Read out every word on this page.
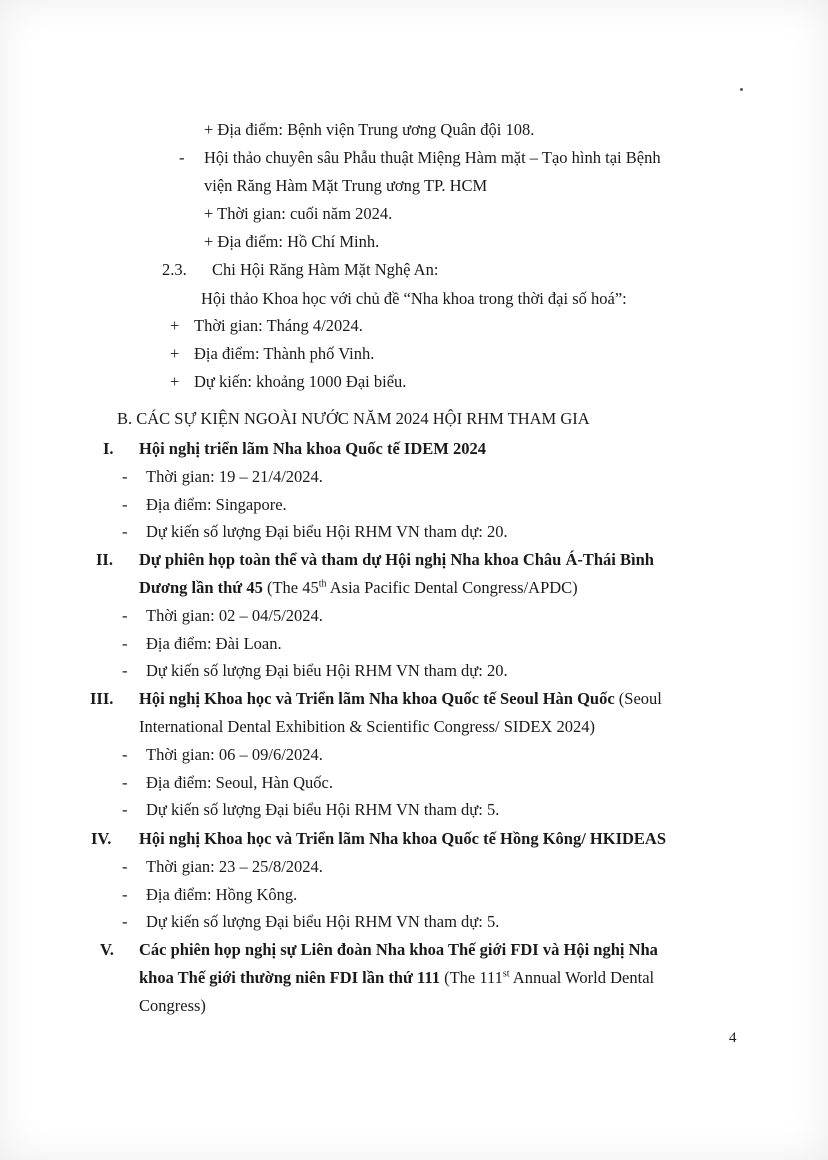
+ Địa điểm: Bệnh viện Trung ương Quân đội 108.
- Hội thảo chuyên sâu Phẫu thuật Miệng Hàm mặt – Tạo hình tại Bệnh
viện Răng Hàm Mặt Trung ương TP. HCM
+ Thời gian: cuối năm 2024.
+ Địa điểm: Hồ Chí Minh.
2.3. Chi Hội Răng Hàm Mặt Nghệ An:
Hội thảo Khoa học với chủ đề “Nha khoa trong thời đại số hoá”:
+ Thời gian: Tháng 4/2024.
+ Địa điểm: Thành phố Vinh.
+ Dự kiến: khoảng 1000 Đại biểu.
B. CÁC SỰ KIỆN NGOÀI NƯỚC NĂM 2024 HỘI RHM THAM GIA
I. Hội nghị triển lãm Nha khoa Quốc tế IDEM 2024
- Thời gian: 19 – 21/4/2024.
- Địa điểm: Singapore.
- Dự kiến số lượng Đại biểu Hội RHM VN tham dự: 20.
II. Dự phiên họp toàn thể và tham dự Hội nghị Nha khoa Châu Á-Thái Bình
Dương lần thứ 45 (The 45th Asia Pacific Dental Congress/APDC)
- Thời gian: 02 – 04/5/2024.
- Địa điểm: Đài Loan.
- Dự kiến số lượng Đại biểu Hội RHM VN tham dự: 20.
III. Hội nghị Khoa học và Triển lãm Nha khoa Quốc tế Seoul Hàn Quốc (Seoul
International Dental Exhibition & Scientific Congress/ SIDEX 2024)
- Thời gian: 06 – 09/6/2024.
- Địa điểm: Seoul, Hàn Quốc.
- Dự kiến số lượng Đại biểu Hội RHM VN tham dự: 5.
IV. Hội nghị Khoa học và Triển lãm Nha khoa Quốc tế Hồng Kông/ HKIDEAS
- Thời gian: 23 – 25/8/2024.
- Địa điểm: Hồng Kông.
- Dự kiến số lượng Đại biểu Hội RHM VN tham dự: 5.
V. Các phiên họp nghị sự Liên đoàn Nha khoa Thế giới FDI và Hội nghị Nha
khoa Thế giới thường niên FDI lần thứ 111 (The 111st Annual World Dental
Congress)
4
